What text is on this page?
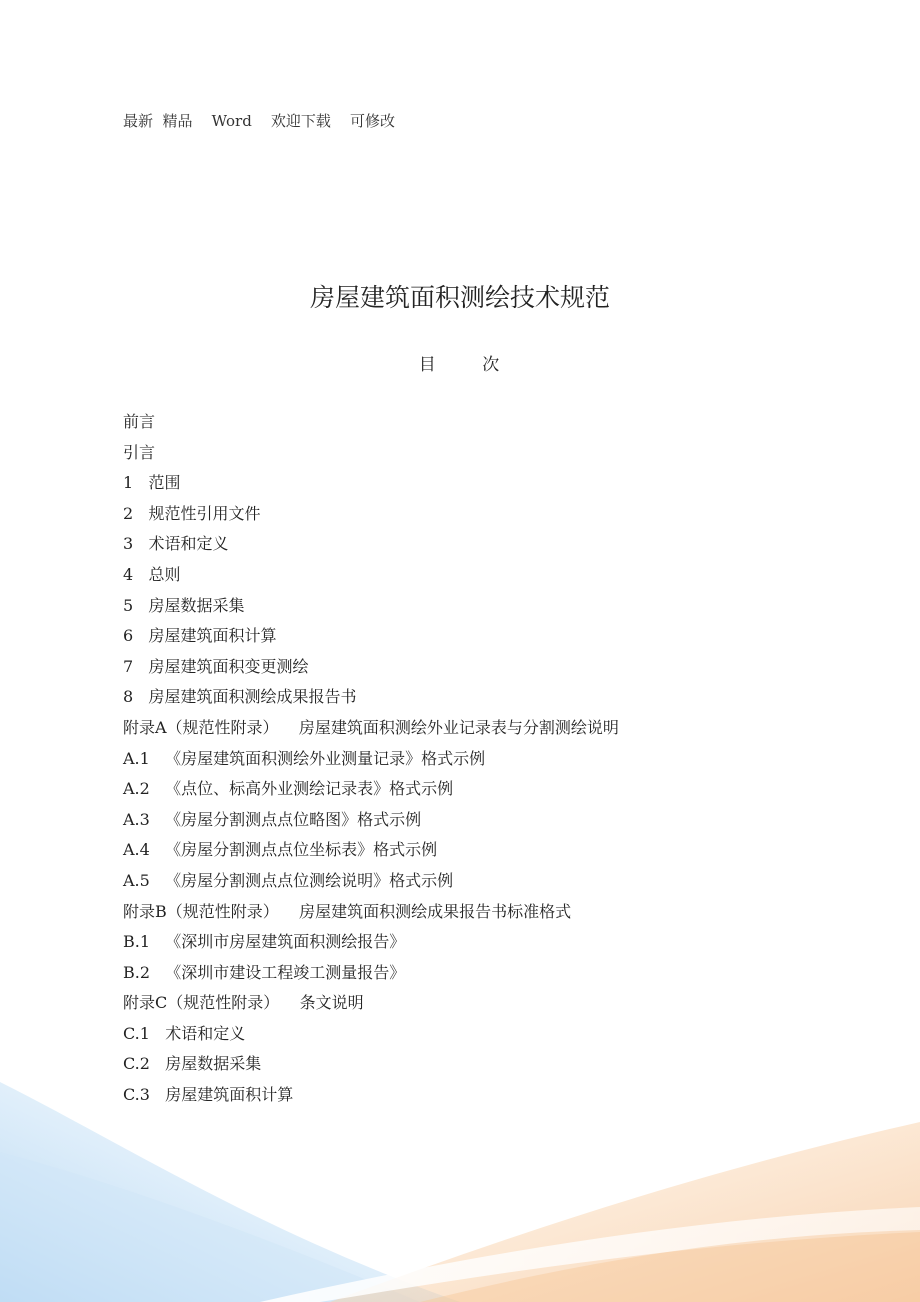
最新  精品    Word    欢迎下载    可修改
房屋建筑面积测绘技术规范
目      次
前言
引言
1   范围
2   规范性引用文件
3   术语和定义
4   总则
5   房屋数据采集
6   房屋建筑面积计算
7   房屋建筑面积变更测绘
8   房屋建筑面积测绘成果报告书
附录A（规范性附录）    房屋建筑面积测绘外业记录表与分割测绘说明
A.1   《房屋建筑面积测绘外业测量记录》格式示例
A.2   《点位、标高外业测绘记录表》格式示例
A.3   《房屋分割测点点位略图》格式示例
A.4   《房屋分割测点点位坐标表》格式示例
A.5   《房屋分割测点点位测绘说明》格式示例
附录B（规范性附录）    房屋建筑面积测绘成果报告书标准格式
B.1   《深圳市房屋建筑面积测绘报告》
B.2   《深圳市建设工程竣工测量报告》
附录C（规范性附录）    条文说明
C.1   术语和定义
C.2   房屋数据采集
C.3   房屋建筑面积计算
